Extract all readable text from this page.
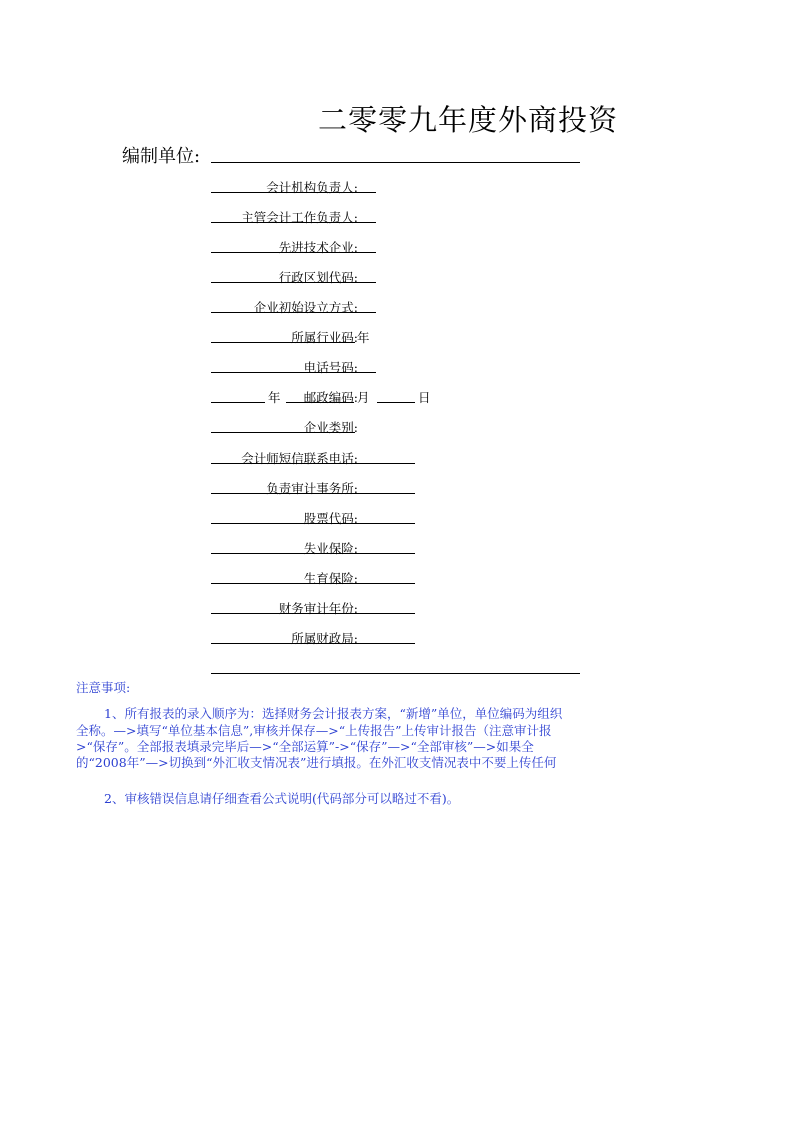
二零零九年度外商投资
编制单位:
年
年	月	日
会计机构负责人:
主管会计工作负责人:
先进技术企业:
行政区划代码:
企业初始设立方式:
所属行业码:
电话号码:
邮政编码:
企业类别:
会计师短信联系电话:
负责审计事务所:
股票代码:
失业保险:
生育保险:
财务审计年份:
所属财政局:
注意事项:
1、所有报表的录入顺序为：选择财务会计报表方案，“新增”单位，单位编码为组织
全称。—>填写“单位基本信息”,审核并保存—>“上传报告”上传审计报告（注意审计报
>“保存”。全部报表填录完毕后—>“全部运算”->“保存”—>“全部审核”—>如果全
的“2008年”—>切换到“外汇收支情况表”进行填报。在外汇收支情况表中不要上传任何
2、审核错误信息请仔细查看公式说明(代码部分可以略过不看)。
